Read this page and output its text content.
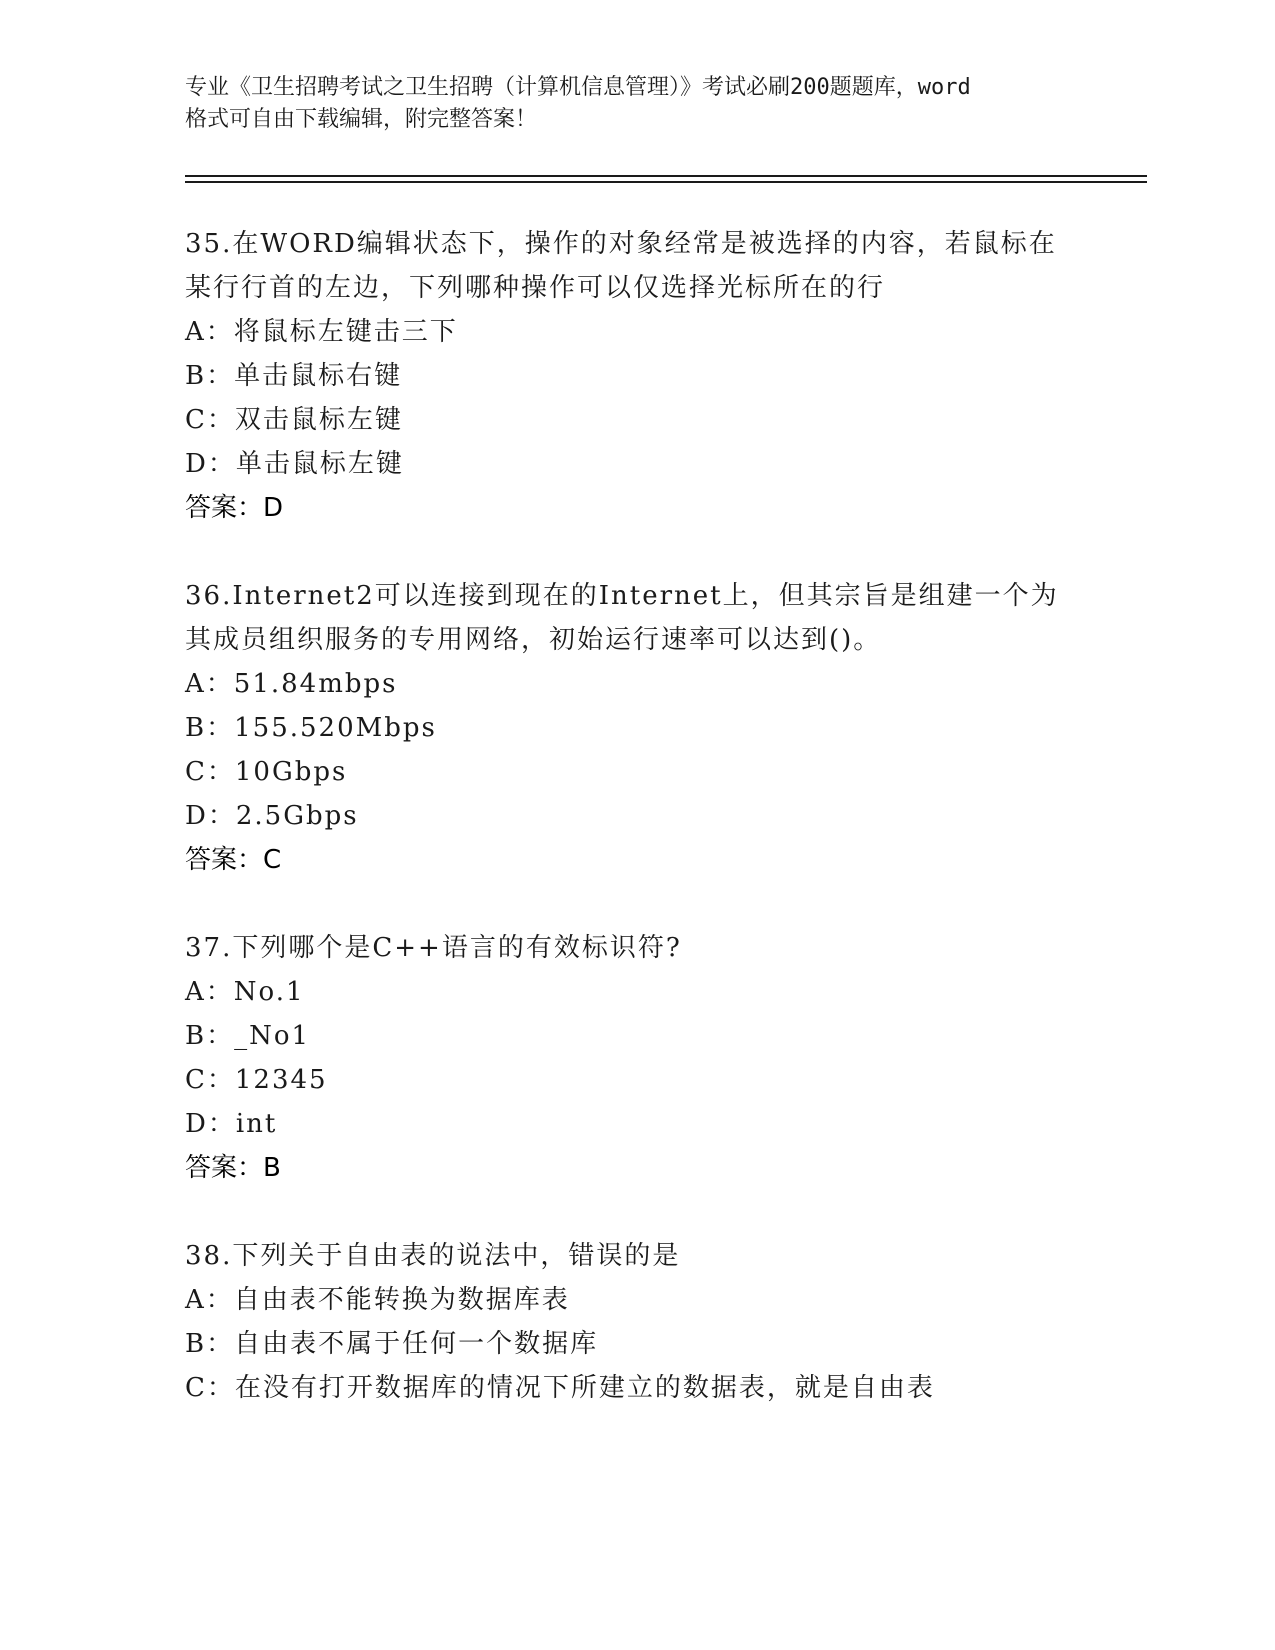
专业《卫生招聘考试之卫生招聘（计算机信息管理）》考试必刷200题题库，word
格式可自由下载编辑，附完整答案！
35.在WORD编辑状态下，操作的对象经常是被选择的内容，若鼠标在
某行行首的左边，下列哪种操作可以仅选择光标所在的行
A：将鼠标左键击三下
B：单击鼠标右键
C：双击鼠标左键
D：单击鼠标左键
答案：D
36.Internet2可以连接到现在的Internet上，但其宗旨是组建一个为
其成员组织服务的专用网络，初始运行速率可以达到()。
A：51.84mbps
B：155.520Mbps
C：10Gbps
D：2.5Gbps
答案：C
37.下列哪个是C++语言的有效标识符?
A：No.1
B：_No1
C：12345
D：int
答案：B
38.下列关于自由表的说法中，错误的是
A：自由表不能转换为数据库表
B：自由表不属于任何一个数据库
C：在没有打开数据库的情况下所建立的数据表，就是自由表
